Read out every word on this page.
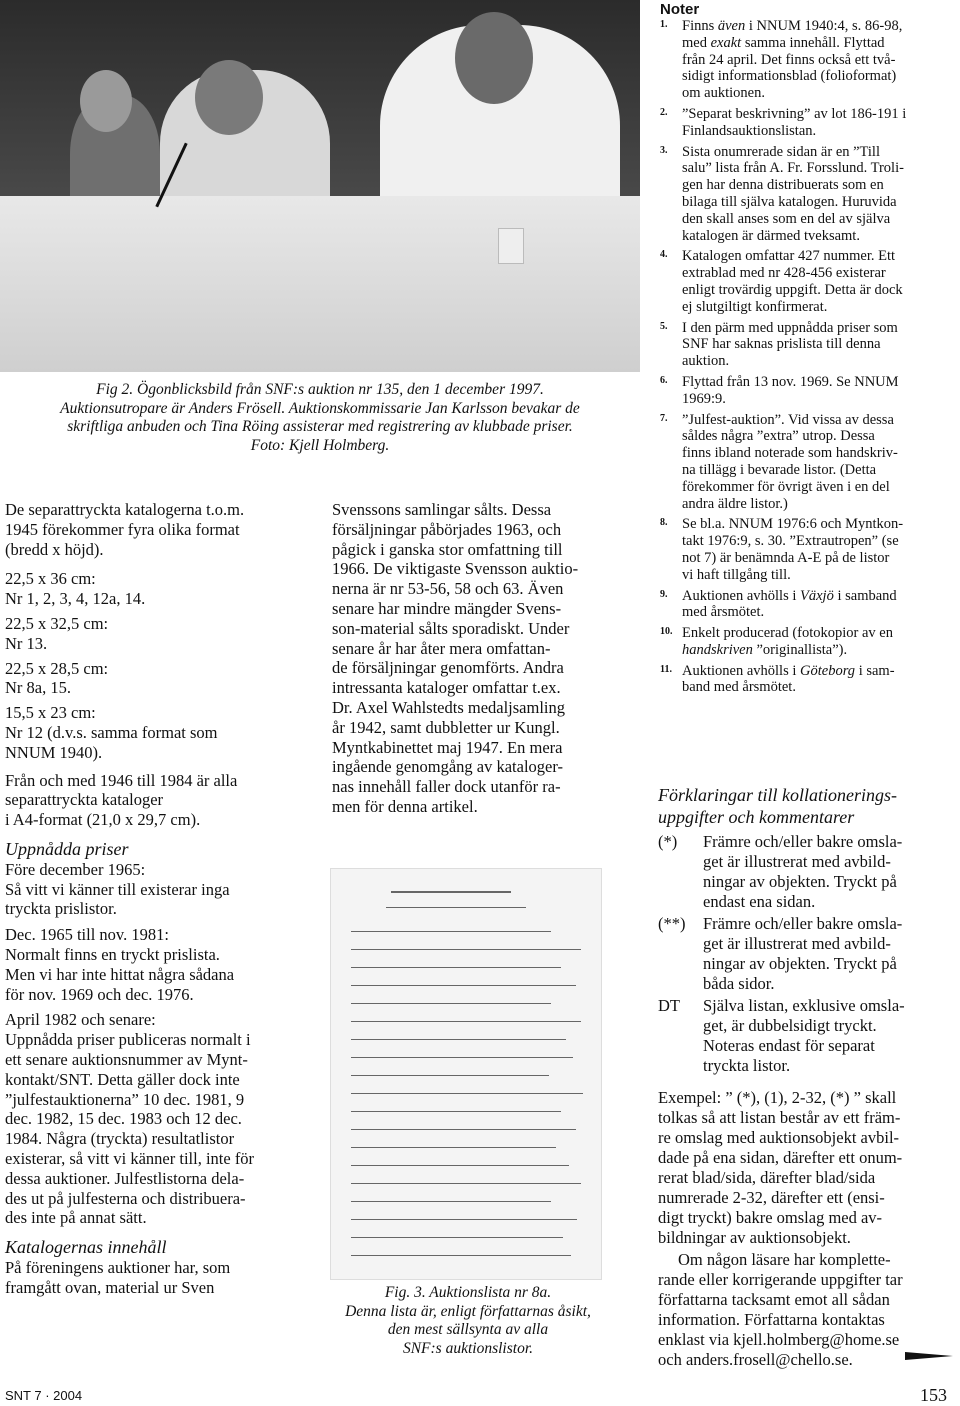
Fig 2. Ögonblicksbild från SNF:s auktion nr 135, den 1 december 1997.
Auktionsutropare är Anders Frösell. Auktionskommissarie Jan Karlsson bevakar de
skriftliga anbuden och Tina Röing assisterar med registrering av klubbade priser.
Foto: Kjell Holmberg.
De separattryckta katalogerna t.o.m.
1945 förekommer fyra olika format
(bredd x höjd).
22,5 x 36 cm:
Nr 1, 2, 3, 4, 12a, 14.
22,5 x 32,5 cm:
Nr 13.
22,5 x 28,5 cm:
Nr 8a, 15.
15,5 x 23 cm:
Nr 12 (d.v.s. samma format som
NNUM 1940).
Från och med 1946 till 1984 är alla
separattryckta kataloger
i A4-format (21,0 x 29,7 cm).
Uppnådda priser
Före december 1965:
Så vitt vi känner till existerar inga
tryckta prislistor.
Dec. 1965 till nov. 1981:
Normalt finns en tryckt prislista.
Men vi har inte hittat några sådana
för nov. 1969 och dec. 1976.
April 1982 och senare:
Uppnådda priser publiceras normalt i
ett senare auktionsnummer av Mynt-
kontakt/SNT. Detta gäller dock inte
”julfestauktionerna” 10 dec. 1981, 9
dec. 1982, 15 dec. 1983 och 12 dec.
1984. Några (tryckta) resultatlistor
existerar, så vitt vi känner till, inte för
dessa auktioner. Julfestlistorna dela-
des ut på julfesterna och distribuera-
des inte på annat sätt.
Katalogernas innehåll
På föreningens auktioner har, som
framgått ovan, material ur Sven
Svenssons samlingar sålts. Dessa
försäljningar påbörjades 1963, och
pågick i ganska stor omfattning till
1966. De viktigaste Svensson auktio-
nerna är nr 53-56, 58 och 63. Även
senare har mindre mängder Svens-
son-material sålts sporadiskt. Under
senare år har åter mera omfattan-
de försäljningar genomförts. Andra
intressanta kataloger omfattar t.ex.
Dr. Axel Wahlstedts medaljsamling
år 1942, samt dubbletter ur Kungl.
Myntkabinettet maj 1947. En mera
ingående genomgång av kataloger-
nas innehåll faller dock utanför ra-
men för denna artikel.
Fig. 3. Auktionslista nr 8a.
Denna lista är, enligt författarnas åsikt,
den mest sällsynta av alla
SNF:s auktionslistor.
Noter
1. Finns även i NNUM 1940:4, s. 86-98,
med exakt samma innehåll. Flyttad
från 24 april. Det finns också ett två-
sidigt informationsblad (folioformat)
om auktionen.
2. ”Separat beskrivning” av lot 186-191 i
Finlandsauktionslistan.
3. Sista onumrerade sidan är en ”Till
salu” lista från A. Fr. Forsslund. Troli-
gen har denna distribuerats som en
bilaga till själva katalogen. Huruvida
den skall anses som en del av själva
katalogen är därmed tveksamt.
4. Katalogen omfattar 427 nummer. Ett
extrablad med nr 428-456 existerar
enligt trovärdig uppgift. Detta är dock
ej slutgiltigt konfirmerat.
5. I den pärm med uppnådda priser som
SNF har saknas prislista till denna
auktion.
6. Flyttad från 13 nov. 1969. Se NNUM
1969:9.
7. ”Julfest-auktion”. Vid vissa av dessa
såldes några ”extra” utrop. Dessa
finns ibland noterade som handskriv-
na tillägg i bevarade listor. (Detta
förekommer för övrigt även i en del
andra äldre listor.)
8. Se bl.a. NNUM 1976:6 och Myntkon-
takt 1976:9, s. 30. ”Extrautropen” (se
not 7) är benämnda A-E på de listor
vi haft tillgång till.
9. Auktionen avhölls i Växjö i samband
med årsmötet.
10. Enkelt producerad (fotokopior av en
handskriven ”originallista”).
11. Auktionen avhölls i Göteborg i sam-
band med årsmötet.
Förklaringar till kollationerings-
uppgifter och kommentarer
(*) Främre och/eller bakre omsla-
get är illustrerat med avbild-
ningar av objekten. Tryckt på
endast ena sidan.
(**) Främre och/eller bakre omsla-
get är illustrerat med avbild-
ningar av objekten. Tryckt på
båda sidor.
DT Själva listan, exklusive omsla-
get, är dubbelsidigt tryckt.
Noteras endast för separat
tryckta listor.
Exempel: ” (*), (1), 2-32, (*) ” skall
tolkas så att listan består av ett främ-
re omslag med auktionsobjekt avbil-
dade på ena sidan, därefter ett onum-
rerat blad/sida, därefter blad/sida
numrerade 2-32, därefter ett (ensi-
digt tryckt) bakre omslag med av-
bildningar av auktionsobjekt.
Om någon läsare har komplette-
rande eller korrigerande uppgifter tar
författarna tacksamt emot all sådan
information. Författarna kontaktas
enklast via kjell.holmberg@home.se
och anders.frosell@chello.se.
SNT 7 · 2004	153
